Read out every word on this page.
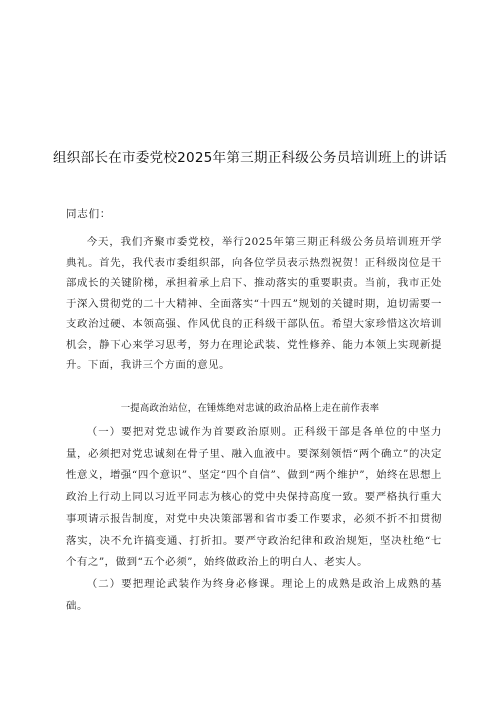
组织部长在市委党校2025年第三期正科级公务员培训班上的讲话
同志们：

今天，我们齐聚市委党校，举行2025年第三期正科级公务员培训班开学典礼。首先，我代表市委组织部，向各位学员表示热烈祝贺！正科级岗位是干部成长的关键阶梯，承担着承上启下、推动落实的重要职责。当前，我市正处于深入贯彻党的二十大精神、全面落实“十四五”规划的关键时期，迫切需要一支政治过硬、本领高强、作风优良的正科级干部队伍。希望大家珍惜这次培训机会，静下心来学习思考，努力在理论武装、党性修养、能力本领上实现新提升。下面，我讲三个方面的意见。

一提高政治站位，在锤炼绝对忠诚的政治品格上走在前作表率

（一）要把对党忠诚作为首要政治原则。正科级干部是各单位的中坚力量，必须把对党忠诚刻在骨子里、融入血液中。要深刻领悟“两个确立”的决定性意义，增强“四个意识”、坚定“四个自信”、做到“两个维护”，始终在思想上政治上行动上同以习近平同志为核心的党中央保持高度一致。要严格执行重大事项请示报告制度，对党中央决策部署和省市委工作要求，必须不折不扣贯彻落实，决不允许搞变通、打折扣。要严守政治纪律和政治规矩，坚决杜绝“七个有之”，做到“五个必须”，始终做政治上的明白人、老实人。

（二）要把理论武装作为终身必修课。理论上的成熟是政治上成熟的基础。
